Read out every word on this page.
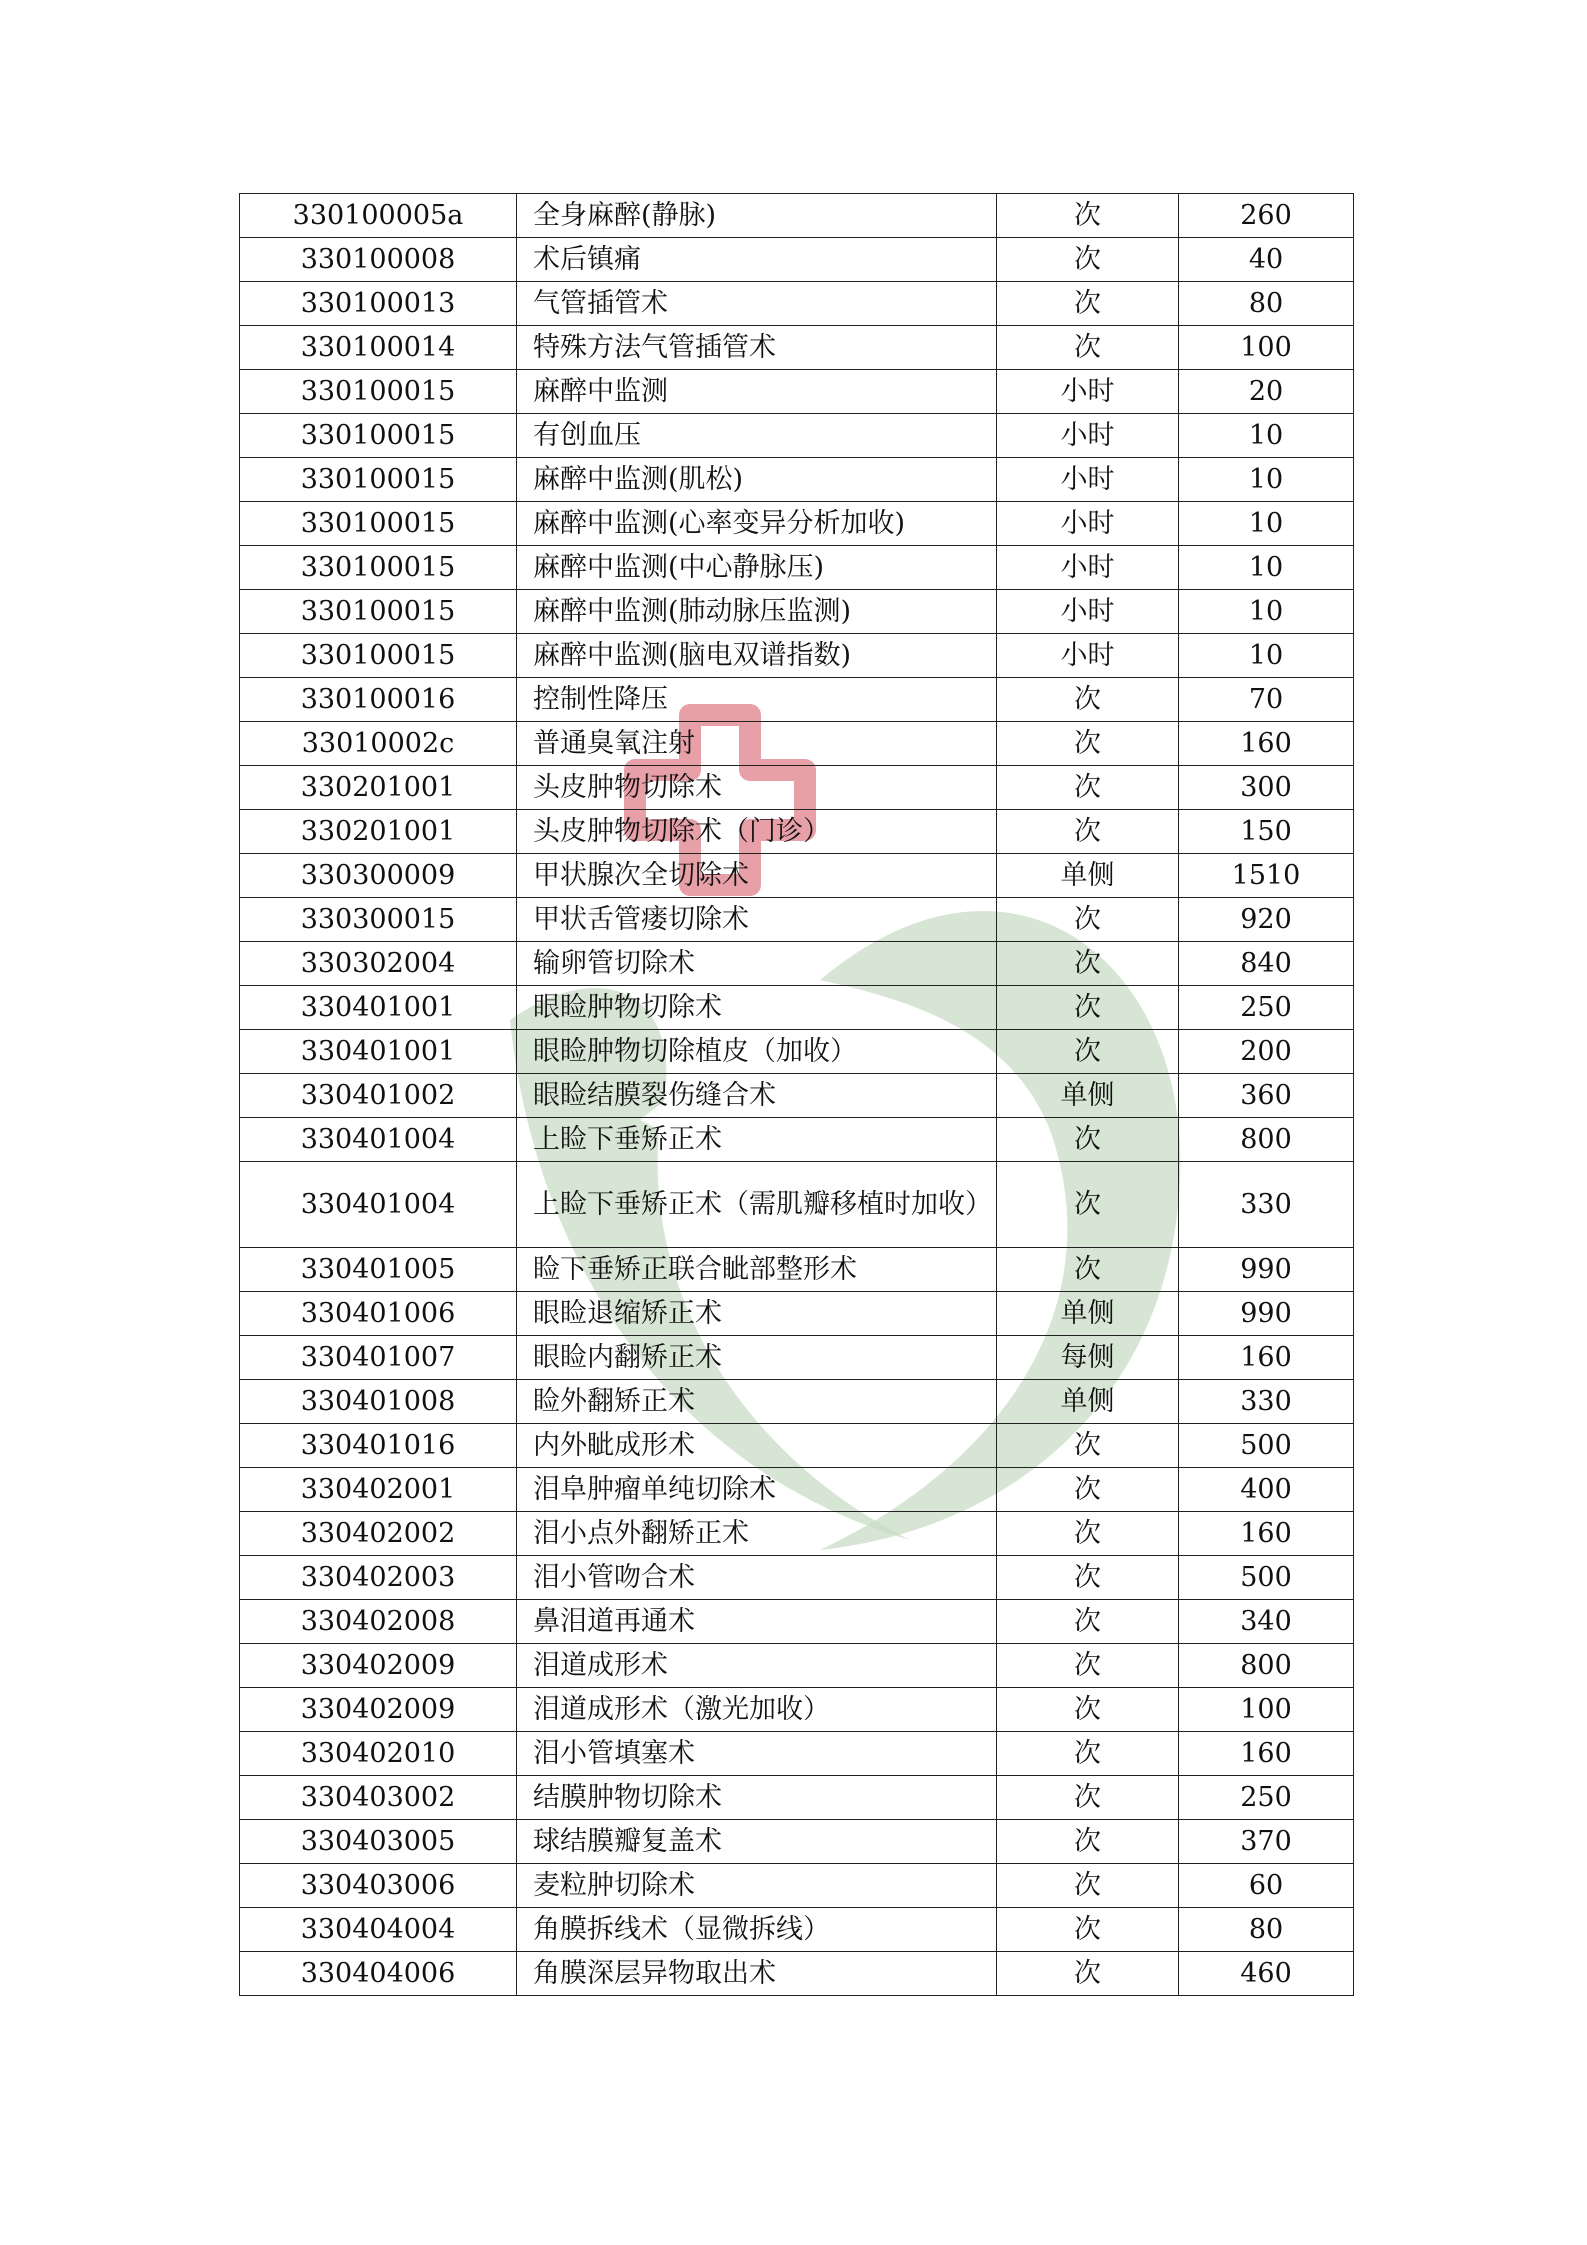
330100005a	全身麻醉(静脉)	次	260
330100008	术后镇痛	次	40
330100013	气管插管术	次	80
330100014	特殊方法气管插管术	次	100
330100015	麻醉中监测	小时	20
330100015	有创血压	小时	10
330100015	麻醉中监测(肌松)	小时	10
330100015	麻醉中监测(心率变异分析加收)	小时	10
330100015	麻醉中监测(中心静脉压)	小时	10
330100015	麻醉中监测(肺动脉压监测)	小时	10
330100015	麻醉中监测(脑电双谱指数)	小时	10
330100016	控制性降压	次	70
33010002c	普通臭氧注射	次	160
330201001	头皮肿物切除术	次	300
330201001	头皮肿物切除术（门诊）	次	150
330300009	甲状腺次全切除术	单侧	1510
330300015	甲状舌管瘘切除术	次	920
330302004	输卵管切除术	次	840
330401001	眼睑肿物切除术	次	250
330401001	眼睑肿物切除植皮（加收）	次	200
330401002	眼睑结膜裂伤缝合术	单侧	360
330401004	上睑下垂矫正术	次	800
330401004	上睑下垂矫正术（需肌瓣移植时加收）	次	330
330401005	睑下垂矫正联合眦部整形术	次	990
330401006	眼睑退缩矫正术	单侧	990
330401007	眼睑内翻矫正术	每侧	160
330401008	睑外翻矫正术	单侧	330
330401016	内外眦成形术	次	500
330402001	泪阜肿瘤单纯切除术	次	400
330402002	泪小点外翻矫正术	次	160
330402003	泪小管吻合术	次	500
330402008	鼻泪道再通术	次	340
330402009	泪道成形术	次	800
330402009	泪道成形术（激光加收）	次	100
330402010	泪小管填塞术	次	160
330403002	结膜肿物切除术	次	250
330403005	球结膜瓣复盖术	次	370
330403006	麦粒肿切除术	次	60
330404004	角膜拆线术（显微拆线）	次	80
330404006	角膜深层异物取出术	次	460
